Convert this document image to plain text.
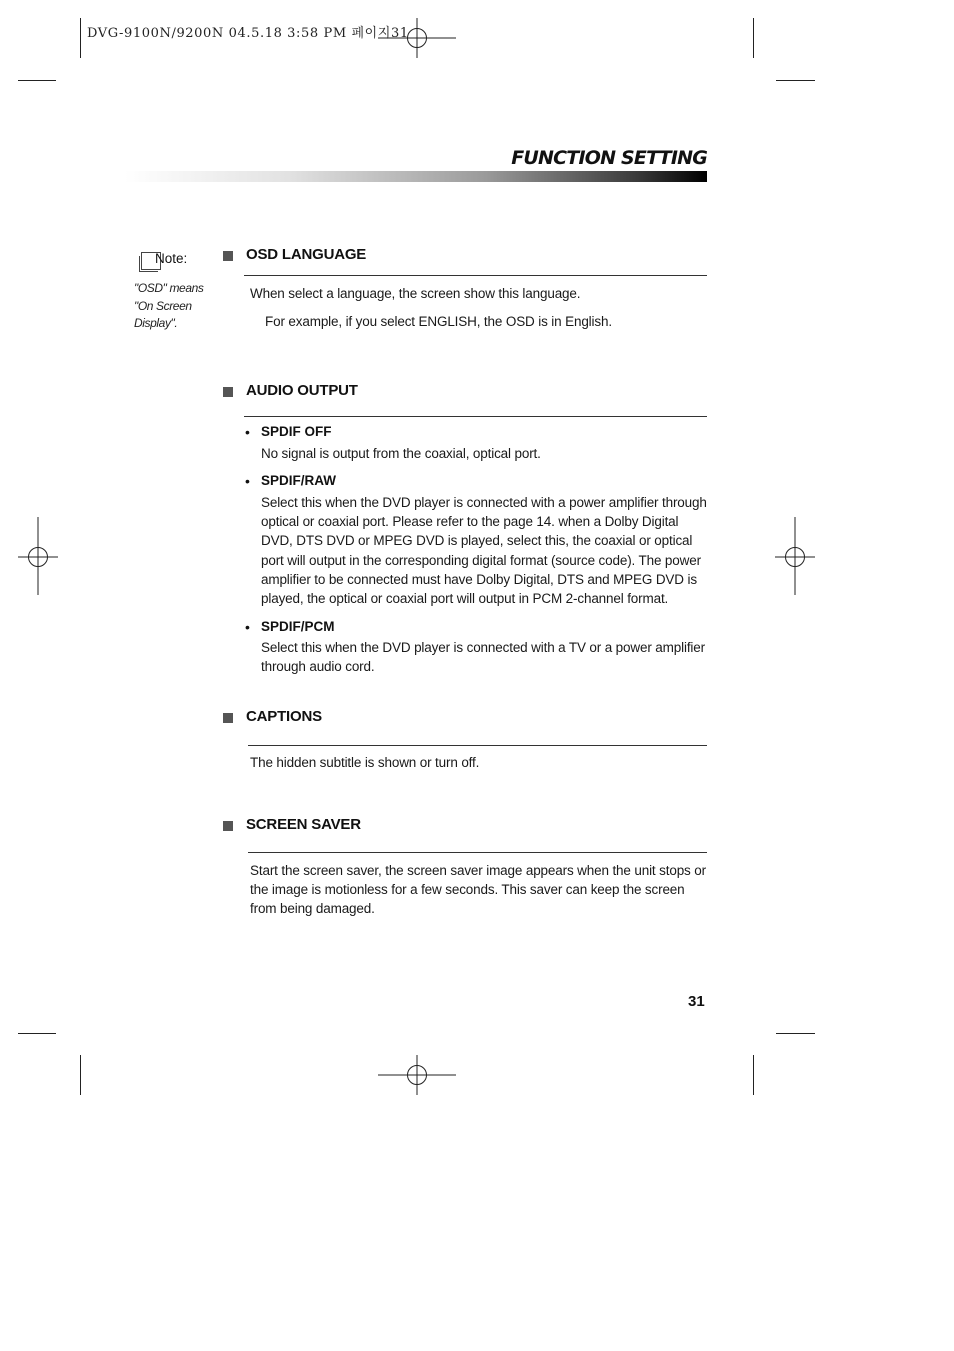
DVG-9100N/9200N 04.5.18 3:58 PM 페이지31
FUNCTION SETTING
Note:
"OSD" means "On Screen Display".
OSD LANGUAGE
When select a language, the screen show this language.
For example, if you select ENGLISH, the OSD is in English.
AUDIO OUTPUT
• SPDIF OFF
No signal is output from the coaxial, optical port.
• SPDIF/RAW
Select this when the DVD player is connected with a power amplifier through optical or coaxial port. Please refer to the page 14. when a Dolby Digital DVD, DTS DVD or MPEG DVD is played, select this, the coaxial or optical port will output in the corresponding digital format (source code). The power amplifier to be connected must have Dolby Digital, DTS and MPEG DVD is played, the optical or coaxial port will output in PCM 2-channel format.
• SPDIF/PCM
Select this when the DVD player is connected with a TV or a power amplifier through audio cord.
CAPTIONS
The hidden subtitle is shown or turn off.
SCREEN SAVER
Start the screen saver, the screen saver image appears when the unit stops or the image is motionless for a few seconds. This saver can keep the screen from being damaged.
31
